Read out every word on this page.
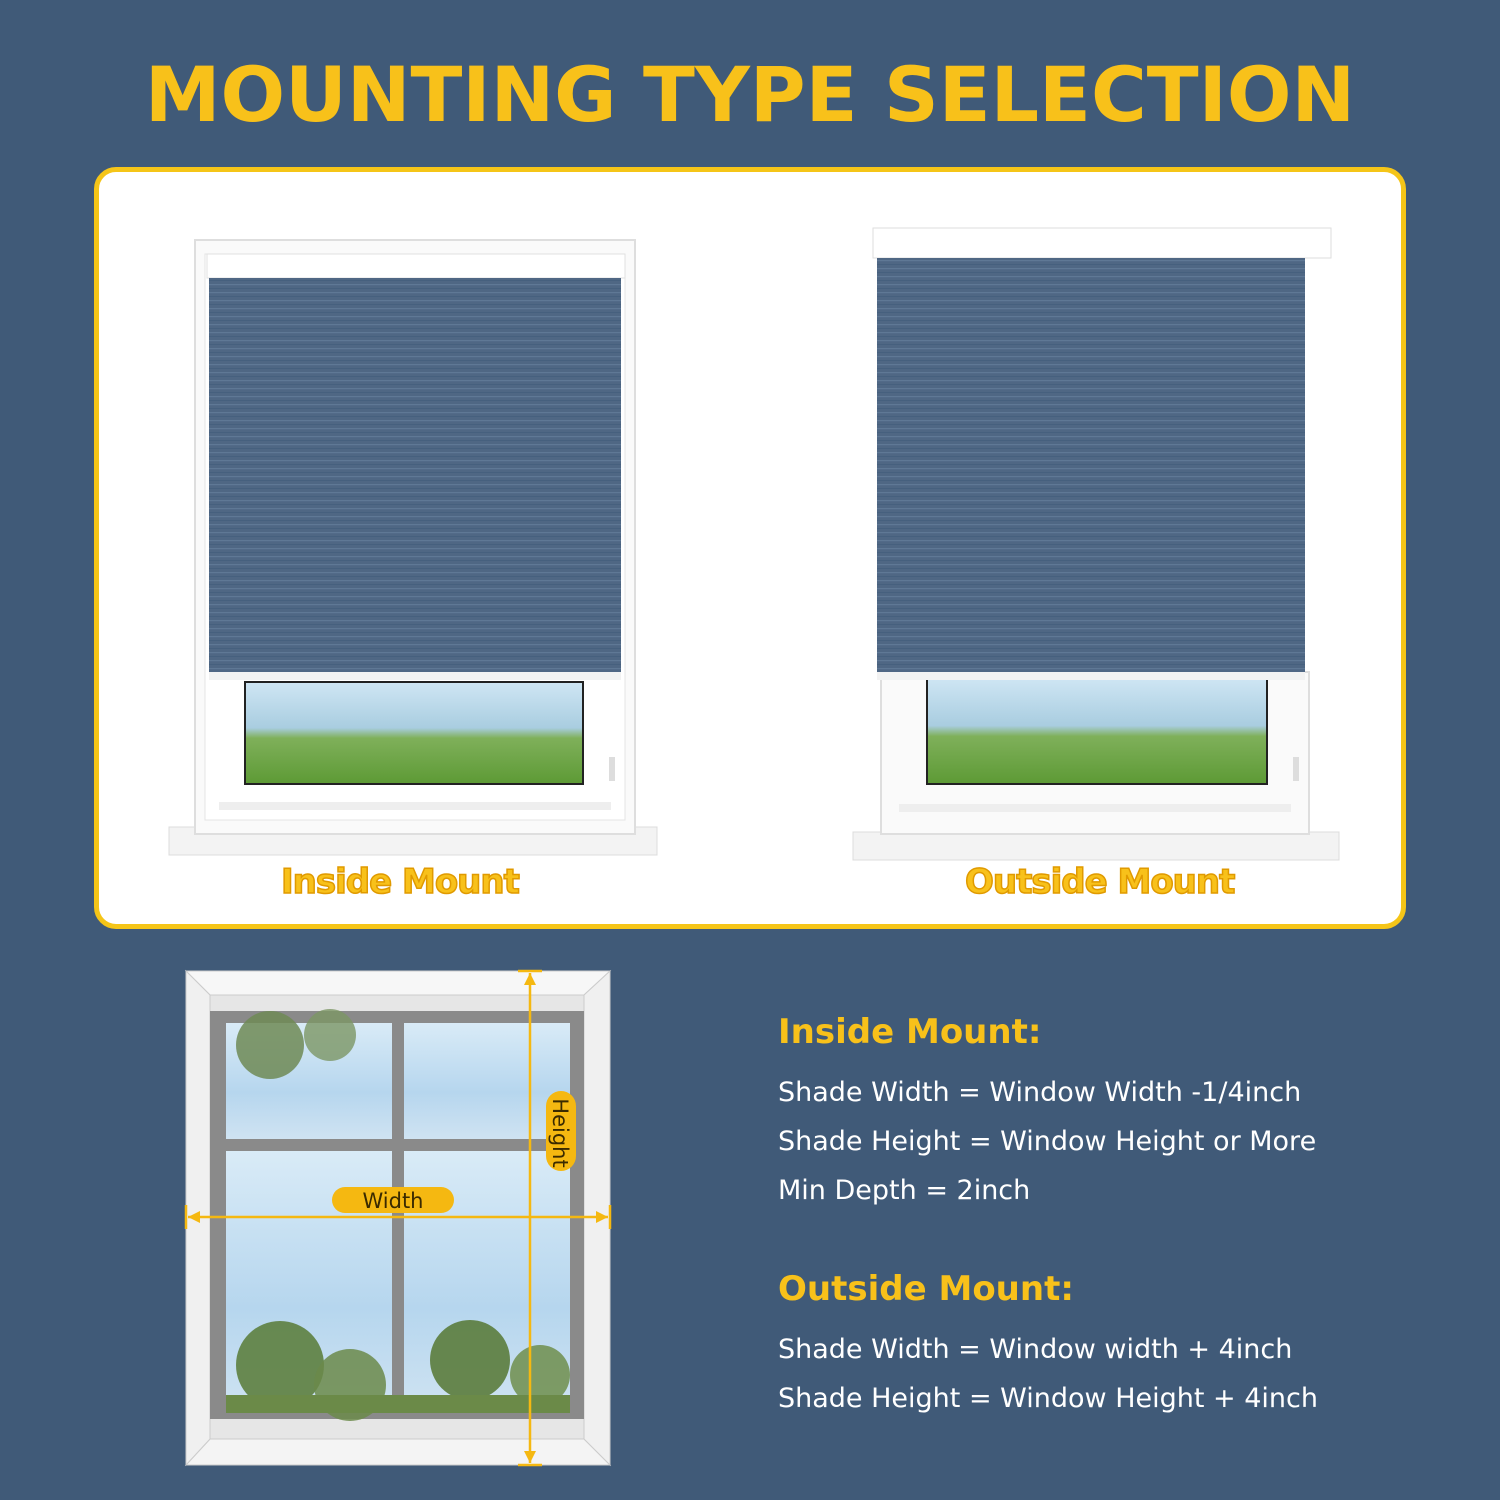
MOUNTING TYPE SELECTION
Inside Mount	Outside Mount
Width
Height
Inside Mount:
Shade Width = Window Width -1/4inch
Shade Height = Window Height or More
Min Depth = 2inch
Outside Mount:
Shade Width = Window width + 4inch
Shade Height = Window Height + 4inch
